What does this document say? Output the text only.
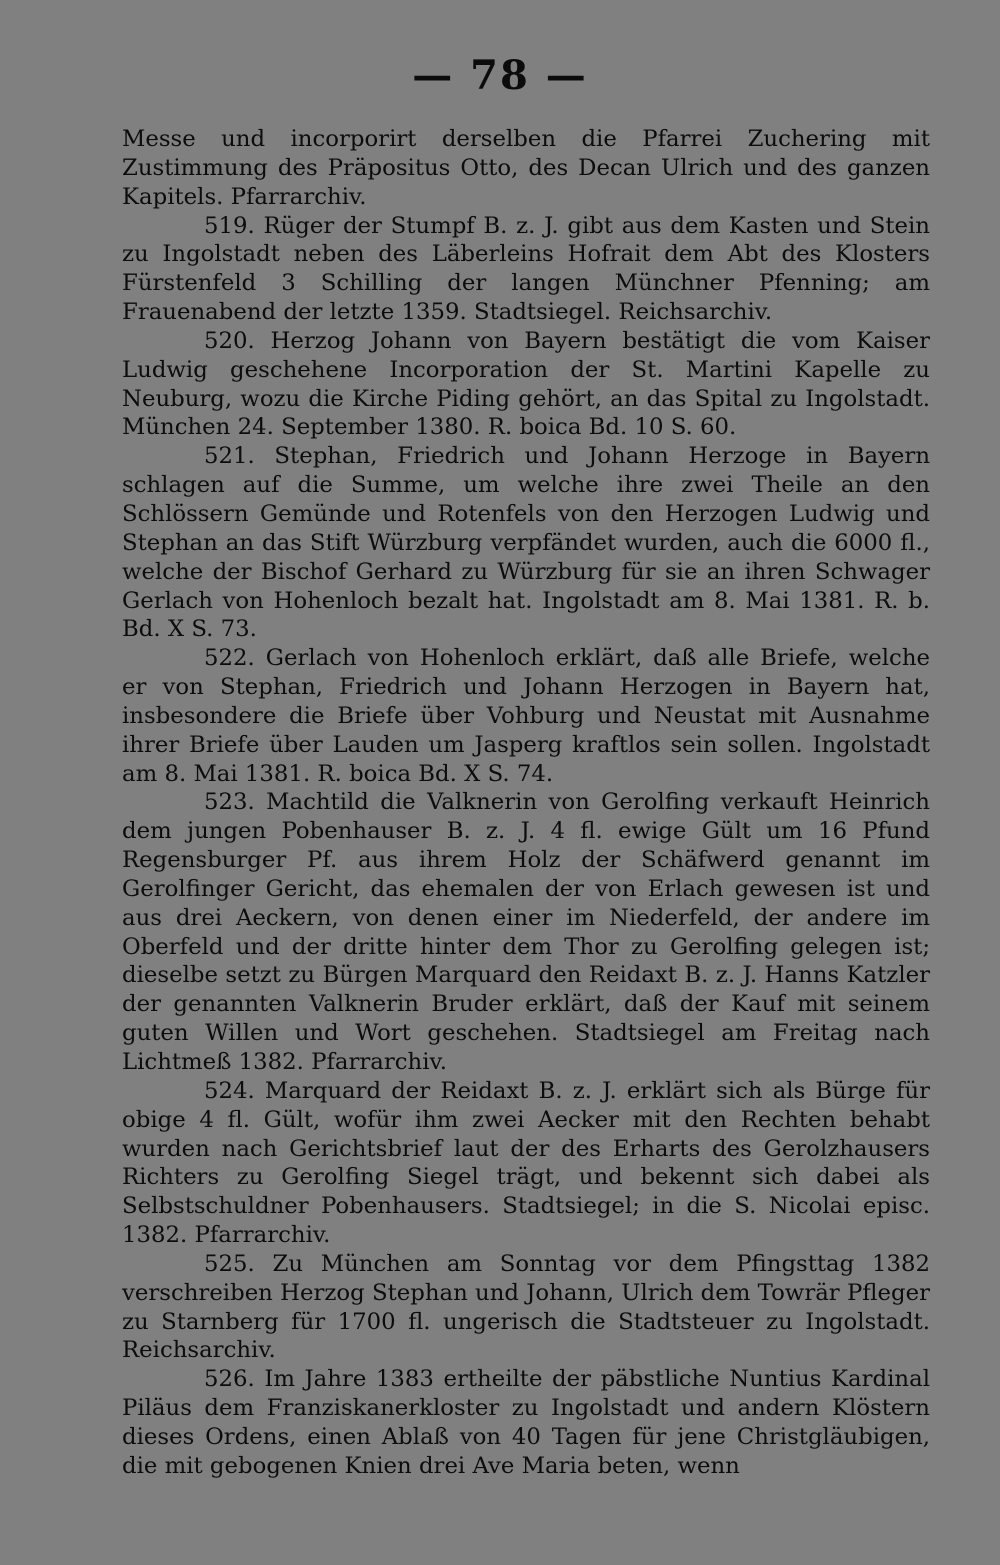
— 78 —

Messe und incorporirt derselben die Pfarrei Zuchering mit Zustimmung des Präpositus Otto, des Decan Ulrich und des ganzen Kapitels. Pfarrarchiv.

519. Rüger der Stumpf B. z. J. gibt aus dem Kasten und Stein zu Ingolstadt neben des Läberleins Hofrait dem Abt des Klosters Fürstenfeld 3 Schilling der langen Münchner Pfenning; am Frauenabend der letzte 1359. Stadtsiegel. Reichsarchiv.

520. Herzog Johann von Bayern bestätigt die vom Kaiser Ludwig geschehene Incorporation der St. Martini Kapelle zu Neuburg, wozu die Kirche Piding gehört, an das Spital zu Ingolstadt. München 24. September 1380. R. boica Bd. 10 S. 60.

521. Stephan, Friedrich und Johann Herzoge in Bayern schlagen auf die Summe, um welche ihre zwei Theile an den Schlössern Gemünde und Rotenfels von den Herzogen Ludwig und Stephan an das Stift Würzburg verpfändet wurden, auch die 6000 fl., welche der Bischof Gerhard zu Würzburg für sie an ihren Schwager Gerlach von Hohenloch bezalt hat. Ingolstadt am 8. Mai 1381. R. b. Bd. X S. 73.

522. Gerlach von Hohenloch erklärt, daß alle Briefe, welche er von Stephan, Friedrich und Johann Herzogen in Bayern hat, insbesondere die Briefe über Vohburg und Neustat mit Ausnahme ihrer Briefe über Lauden um Jasperg kraftlos sein sollen. Ingolstadt am 8. Mai 1381. R. boica Bd. X S. 74.

523. Machtild die Valknerin von Gerolfing verkauft Heinrich dem jungen Pobenhauser B. z. J. 4 fl. ewige Gült um 16 Pfund Regensburger Pf. aus ihrem Holz der Schäfwerd genannt im Gerolfinger Gericht, das ehemalen der von Erlach gewesen ist und aus drei Aeckern, von denen einer im Niederfeld, der andere im Oberfeld und der dritte hinter dem Thor zu Gerolfing gelegen ist; dieselbe setzt zu Bürgen Marquard den Reidaxt B. z. J. Hanns Katzler der genannten Valknerin Bruder erklärt, daß der Kauf mit seinem guten Willen und Wort geschehen. Stadtsiegel am Freitag nach Lichtmeß 1382. Pfarrarchiv.

524. Marquard der Reidaxt B. z. J. erklärt sich als Bürge für obige 4 fl. Gült, wofür ihm zwei Aecker mit den Rechten behabt wurden nach Gerichtsbrief laut der des Erharts des Gerolzhausers Richters zu Gerolfing Siegel trägt, und bekennt sich dabei als Selbstschuldner Pobenhausers. Stadtsiegel; in die S. Nicolai episc. 1382. Pfarrarchiv.

525. Zu München am Sonntag vor dem Pfingsttag 1382 verschreiben Herzog Stephan und Johann, Ulrich dem Towrär Pfleger zu Starnberg für 1700 fl. ungerisch die Stadtsteuer zu Ingolstadt. Reichsarchiv.

526. Im Jahre 1383 ertheilte der päbstliche Nuntius Kardinal Piläus dem Franziskanerkloster zu Ingolstadt und andern Klöstern dieses Ordens, einen Ablaß von 40 Tagen für jene Christgläubigen, die mit gebogenen Knien drei Ave Maria beten, wenn
